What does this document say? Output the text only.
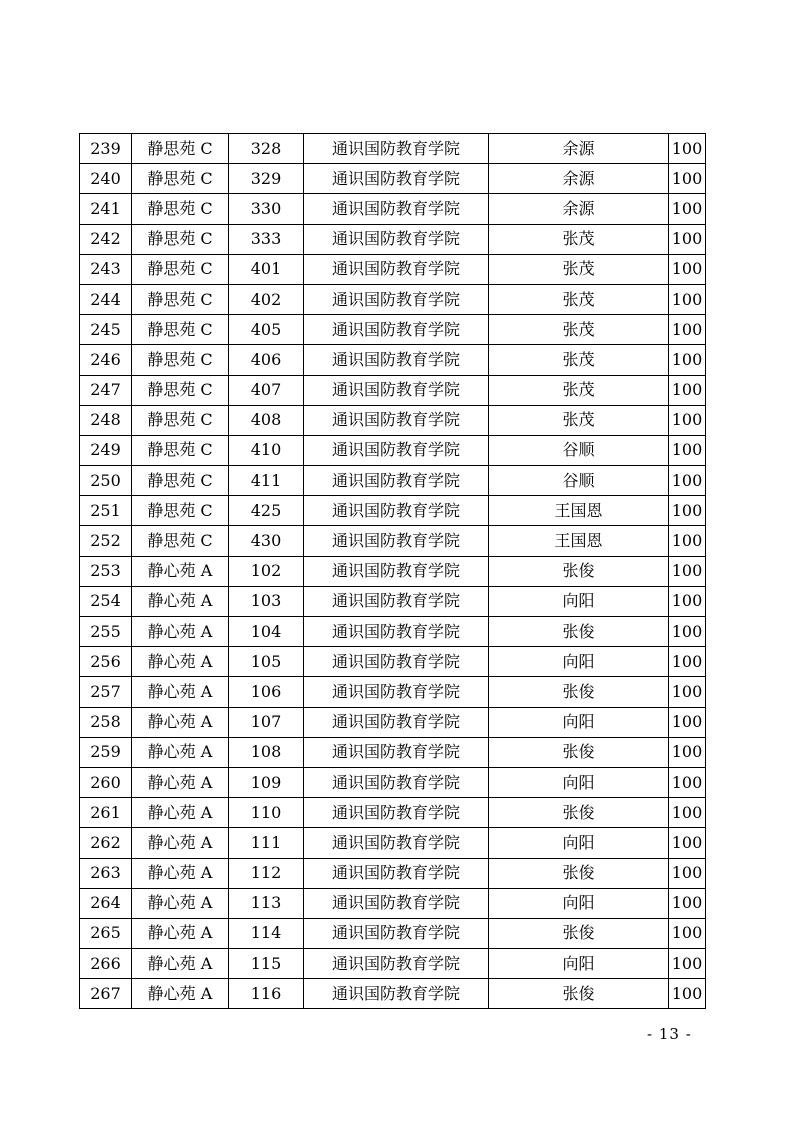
239	静思苑 C	328	通识国防教育学院	余源	100
240	静思苑 C	329	通识国防教育学院	余源	100
241	静思苑 C	330	通识国防教育学院	余源	100
242	静思苑 C	333	通识国防教育学院	张茂	100
243	静思苑 C	401	通识国防教育学院	张茂	100
244	静思苑 C	402	通识国防教育学院	张茂	100
245	静思苑 C	405	通识国防教育学院	张茂	100
246	静思苑 C	406	通识国防教育学院	张茂	100
247	静思苑 C	407	通识国防教育学院	张茂	100
248	静思苑 C	408	通识国防教育学院	张茂	100
249	静思苑 C	410	通识国防教育学院	谷顺	100
250	静思苑 C	411	通识国防教育学院	谷顺	100
251	静思苑 C	425	通识国防教育学院	王国恩	100
252	静思苑 C	430	通识国防教育学院	王国恩	100
253	静心苑 A	102	通识国防教育学院	张俊	100
254	静心苑 A	103	通识国防教育学院	向阳	100
255	静心苑 A	104	通识国防教育学院	张俊	100
256	静心苑 A	105	通识国防教育学院	向阳	100
257	静心苑 A	106	通识国防教育学院	张俊	100
258	静心苑 A	107	通识国防教育学院	向阳	100
259	静心苑 A	108	通识国防教育学院	张俊	100
260	静心苑 A	109	通识国防教育学院	向阳	100
261	静心苑 A	110	通识国防教育学院	张俊	100
262	静心苑 A	111	通识国防教育学院	向阳	100
263	静心苑 A	112	通识国防教育学院	张俊	100
264	静心苑 A	113	通识国防教育学院	向阳	100
265	静心苑 A	114	通识国防教育学院	张俊	100
266	静心苑 A	115	通识国防教育学院	向阳	100
267	静心苑 A	116	通识国防教育学院	张俊	100
- 13 -
